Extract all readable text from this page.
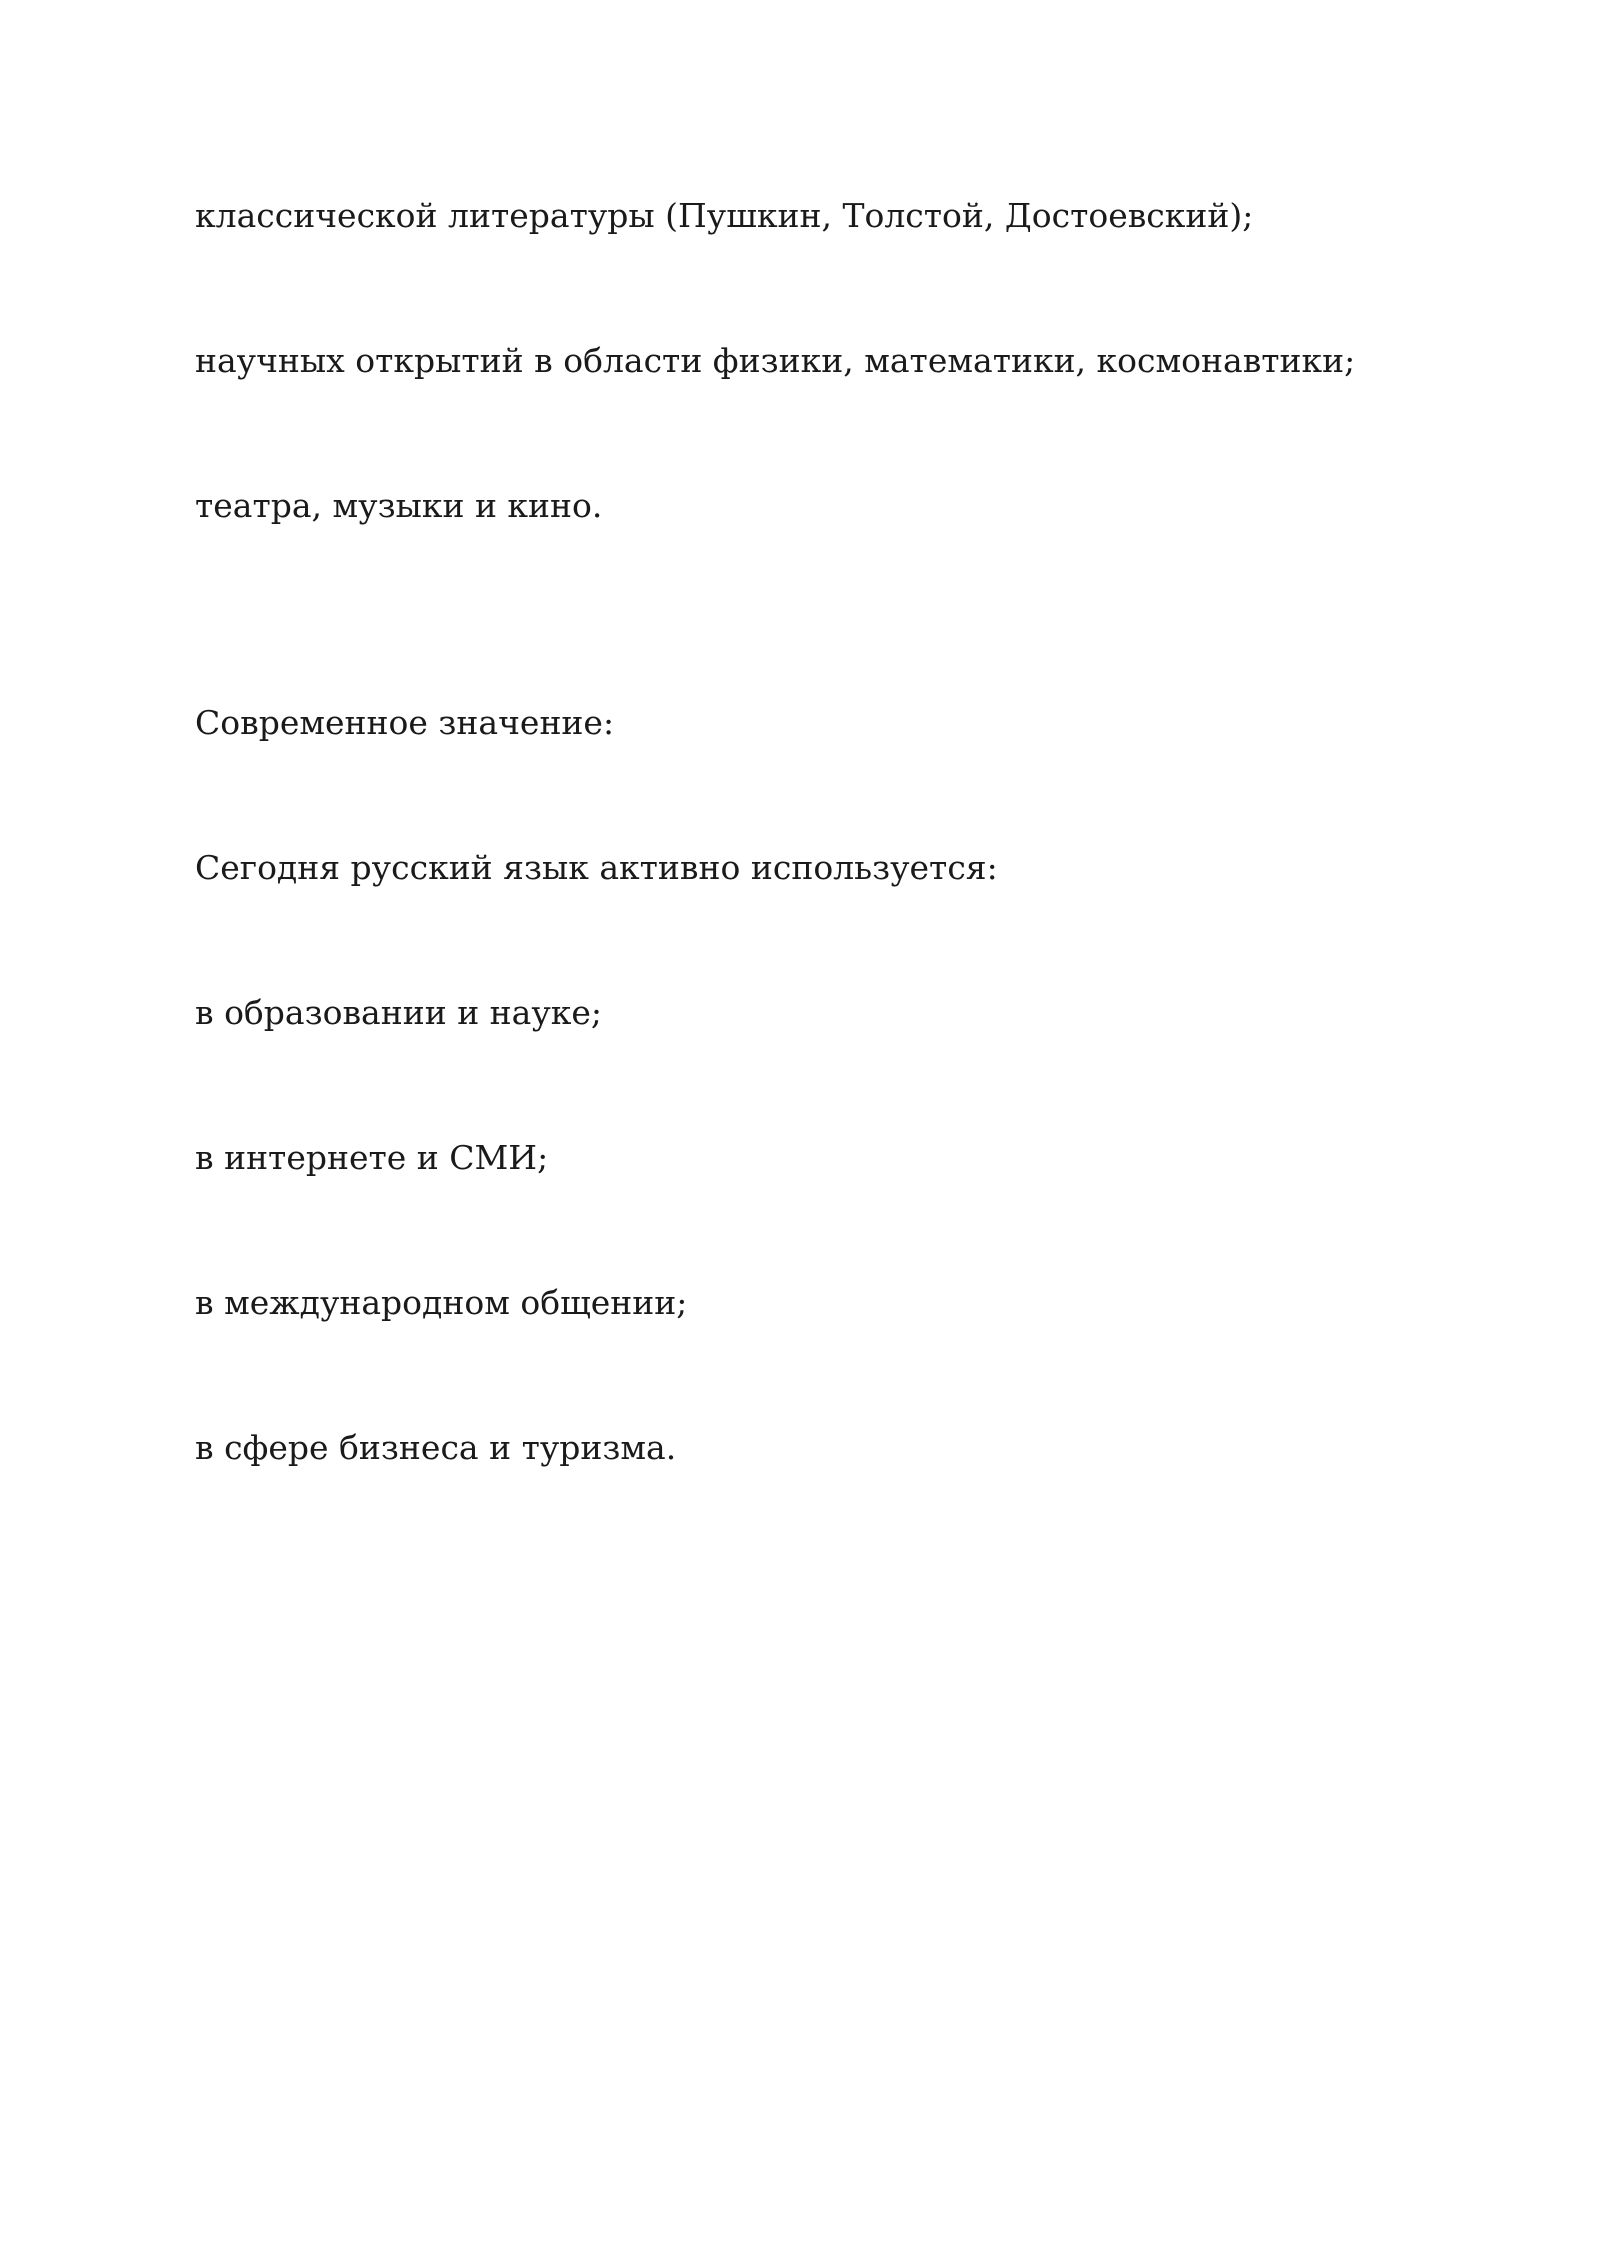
классической литературы (Пушкин, Толстой, Достоевский);

научных открытий в области физики, математики, космонавтики;

театра, музыки и кино.

Современное значение:

Сегодня русский язык активно используется:

в образовании и науке;

в интернете и СМИ;

в международном общении;

в сфере бизнеса и туризма.
